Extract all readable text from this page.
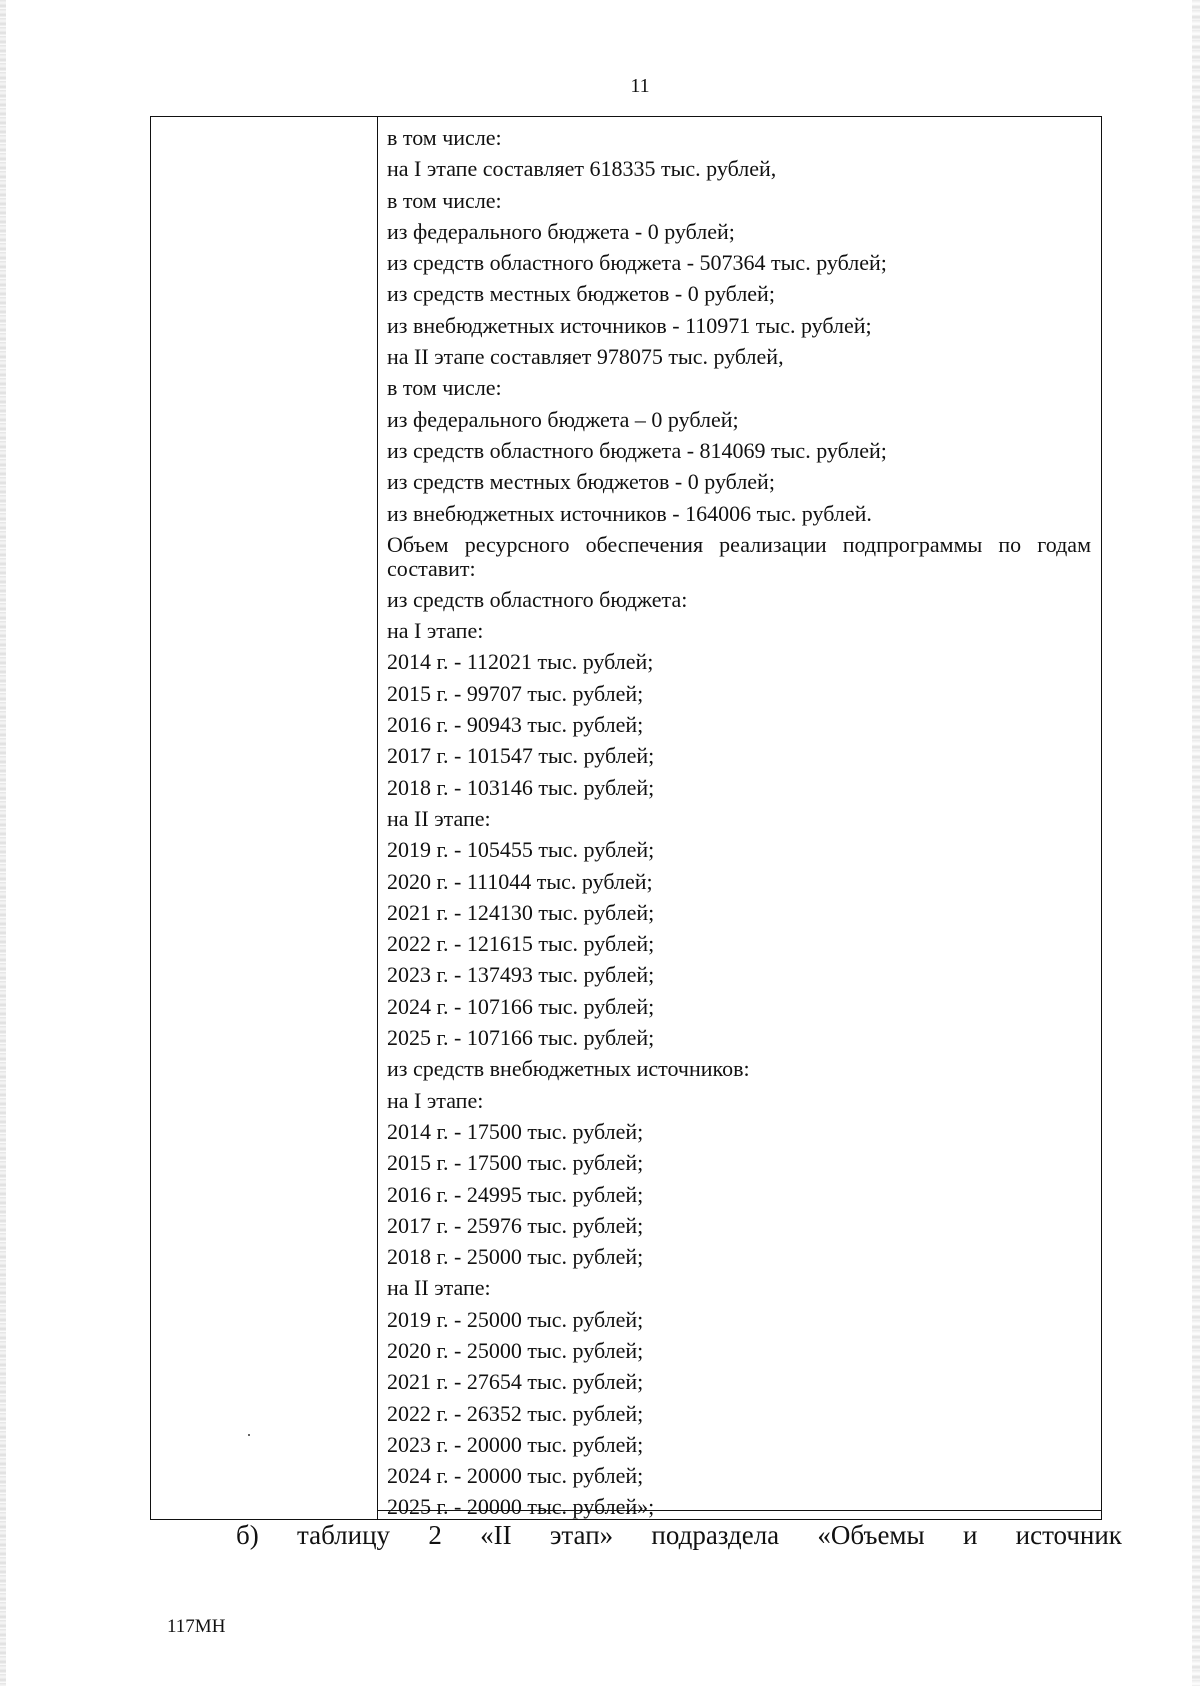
11
в том числе:
на I этапе составляет 618335 тыс. рублей,
в том числе:
из федерального бюджета - 0 рублей;
из средств областного бюджета - 507364 тыс. рублей;
из средств местных бюджетов - 0 рублей;
из внебюджетных источников - 110971 тыс. рублей;
на II этапе составляет 978075 тыс. рублей,
в том числе:
из федерального бюджета – 0 рублей;
из средств областного бюджета - 814069 тыс. рублей;
из средств местных бюджетов - 0 рублей;
из внебюджетных источников - 164006 тыс. рублей.
Объем ресурсного обеспечения реализации подпрограммы по годам составит:
из средств областного бюджета:
на I этапе:
2014 г. - 112021 тыс. рублей;
2015 г. - 99707 тыс. рублей;
2016 г. - 90943 тыс. рублей;
2017 г. - 101547 тыс. рублей;
2018 г. - 103146 тыс. рублей;
на II этапе:
2019 г. - 105455 тыс. рублей;
2020 г. - 111044 тыс. рублей;
2021 г. - 124130 тыс. рублей;
2022 г. - 121615 тыс. рублей;
2023 г. - 137493 тыс. рублей;
2024 г. - 107166 тыс. рублей;
2025 г. - 107166 тыс. рублей;
из средств внебюджетных источников:
на I этапе:
2014 г. - 17500 тыс. рублей;
2015 г. - 17500 тыс. рублей;
2016 г. - 24995 тыс. рублей;
2017 г. - 25976 тыс. рублей;
2018 г. - 25000 тыс. рублей;
на II этапе:
2019 г. - 25000 тыс. рублей;
2020 г. - 25000 тыс. рублей;
2021 г. - 27654 тыс. рублей;
2022 г. - 26352 тыс. рублей;
2023 г. - 20000 тыс. рублей;
2024 г. - 20000 тыс. рублей;
2025 г. - 20000 тыс. рублей»;
б) таблицу 2 «II этап» подраздела «Объемы и источник
117МН
